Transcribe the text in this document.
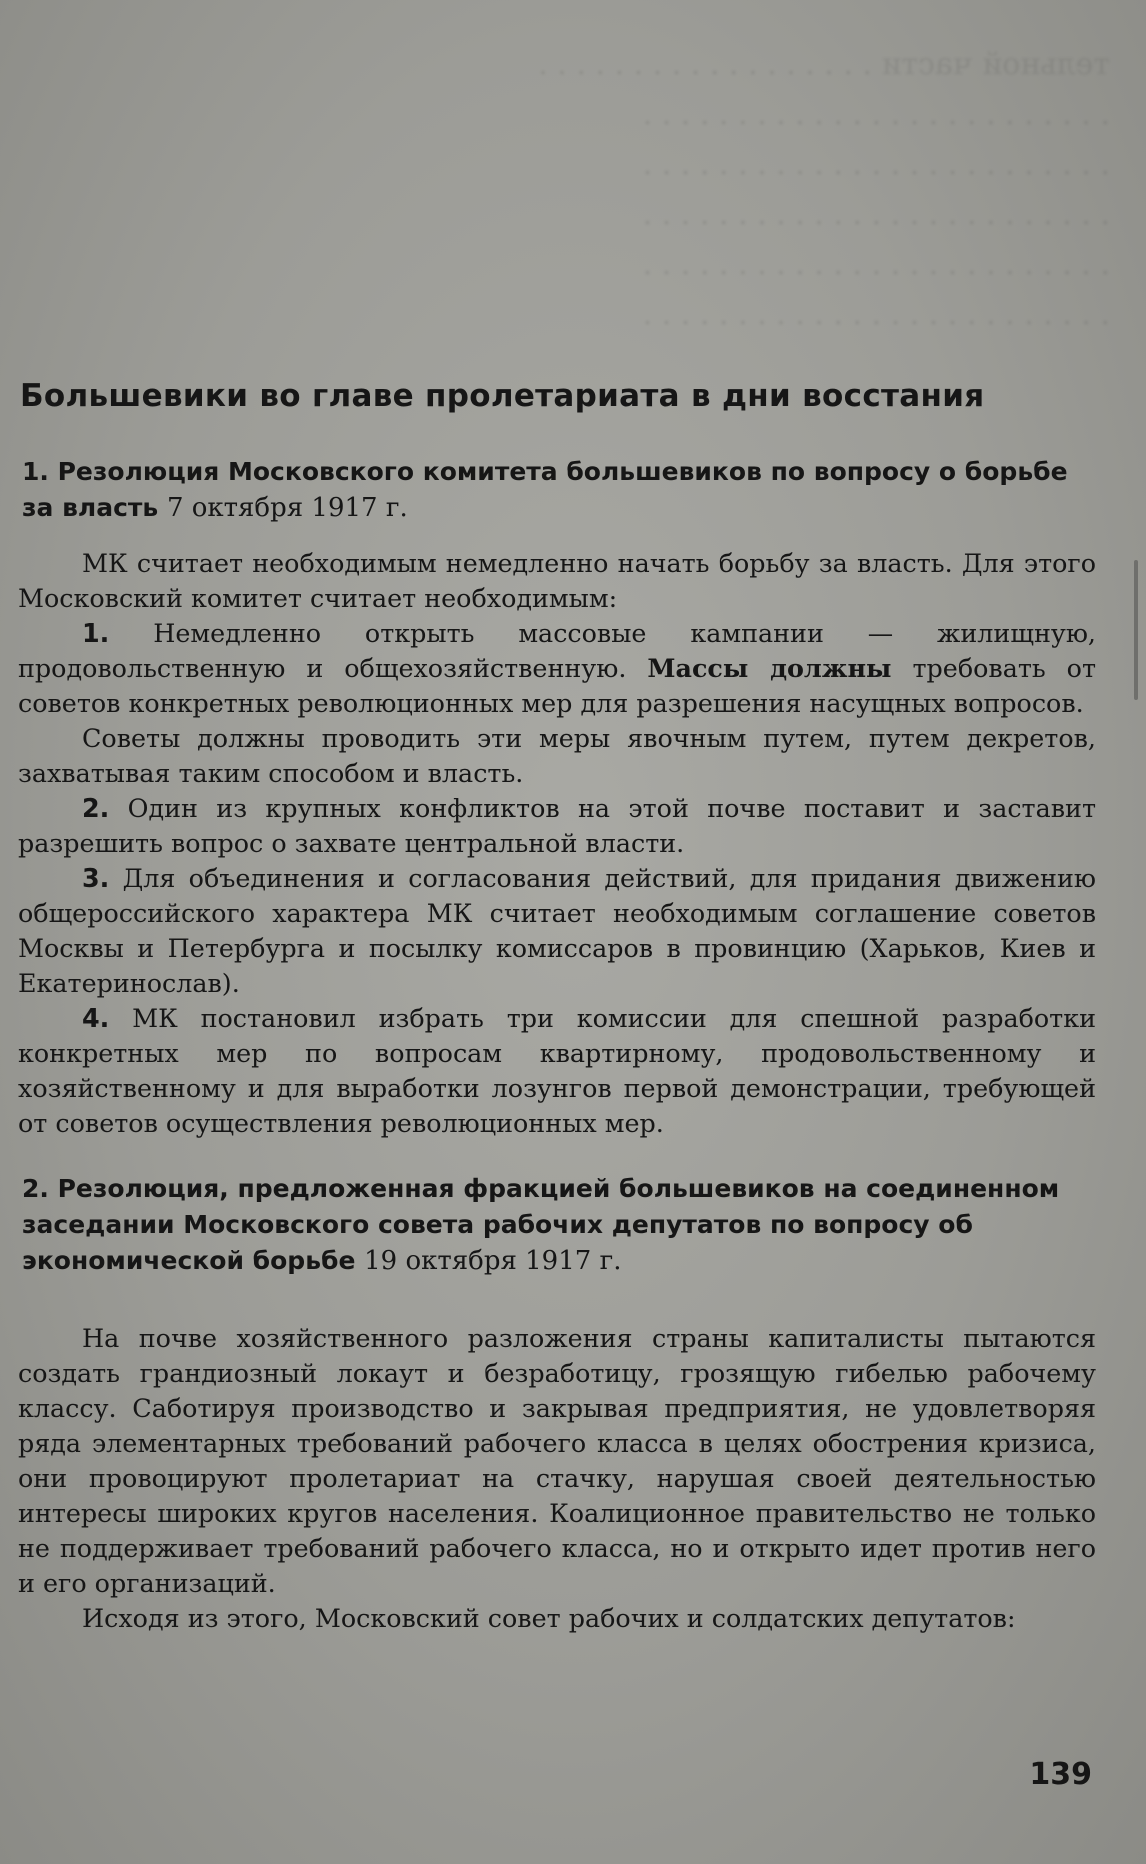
тельной части . . . . . . . . . . . . . . . . . .
. . . . . . . . . . . . . . . . . . . . . . . . .
. . . . . . . . . . . . . . . . . . . . . . . . .
. . . . . . . . . . . . . . . . . . . . . . . . .
. . . . . . . . . . . . . . . . . . . . . . . . .
. . . . . . . . . . . . . . . . . . . . . . . . .
Большевики во главе пролетариата в дни восстания
1. Резолюция Московского комитета большевиков по вопросу о борьбе за власть 7 октября 1917 г.

МК считает необходимым немедленно начать борьбу за власть. Для этого Московский комитет считает необходимым:

1. Немедленно открыть массовые кампании — жилищную, продовольственную и общехозяйственную. Массы должны требовать от советов конкретных революционных мер для разрешения насущных вопросов.

Советы должны проводить эти меры явочным путем, путем декретов, захватывая таким способом и власть.

2. Один из крупных конфликтов на этой почве поставит и заставит разрешить вопрос о захвате центральной власти.

3. Для объединения и согласования действий, для придания движению общероссийского характера МК считает необходимым соглашение советов Москвы и Петербурга и посылку комиссаров в провинцию (Харьков, Киев и Екатеринослав).

4. МК постановил избрать три комиссии для спешной разработки конкретных мер по вопросам квартирному, продовольственному и хозяйственному и для выработки лозунгов первой демонстрации, требующей от советов осуществления революционных мер.

2. Резолюция, предложенная фракцией большевиков на соединенном заседании Московского совета рабочих депутатов по вопросу об экономической борьбе 19 октября 1917 г.

На почве хозяйственного разложения страны капиталисты пытаются создать грандиозный локаут и безработицу, грозящую гибелью рабочему классу. Саботируя производство и закрывая предприятия, не удовлетворяя ряда элементарных требований рабочего класса в целях обострения кризиса, они провоцируют пролетариат на стачку, нарушая своей деятельностью интересы широких кругов населения. Коалиционное правительство не только не поддерживает требований рабочего класса, но и открыто идет против него и его организаций.

Исходя из этого, Московский совет рабочих и солдатских депутатов:

139
